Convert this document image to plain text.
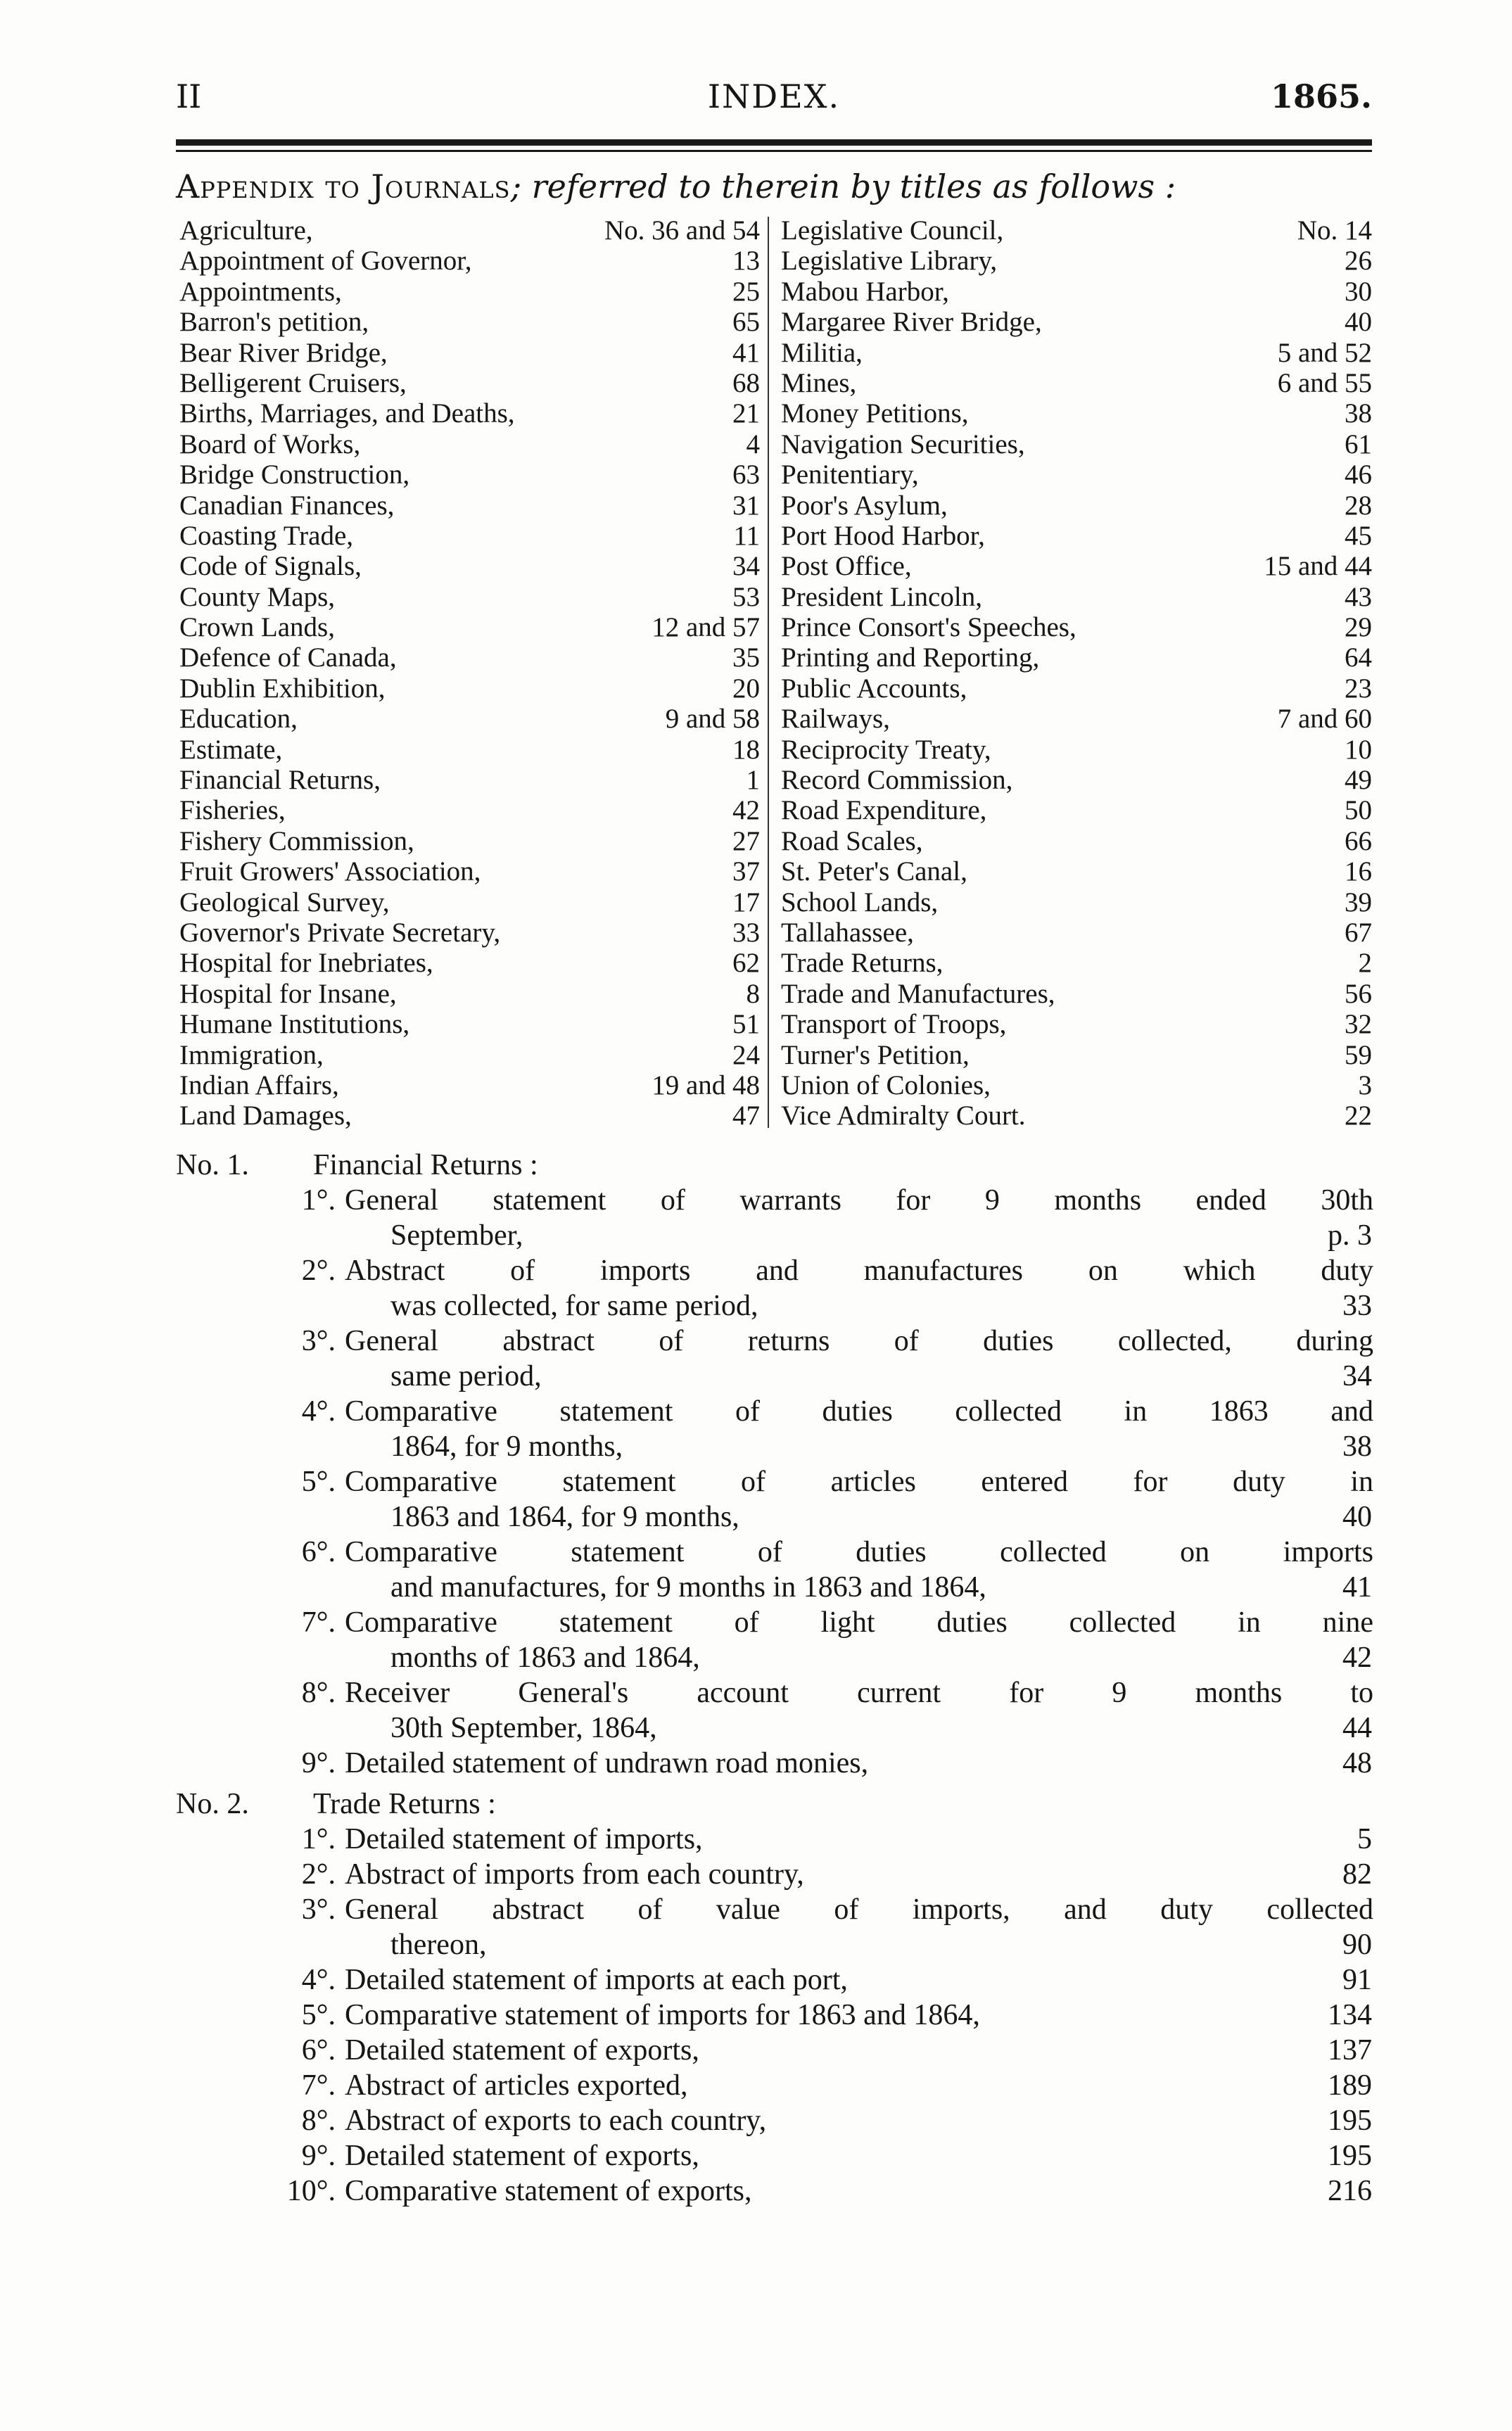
II	INDEX.	1865.
Appendix to Journals; referred to therein by titles as follows :
Agriculture,	No. 36 and 54
Appointment of Governor,	13
Appointments,	25
Barron's petition,	65
Bear River Bridge,	41
Belligerent Cruisers,	68
Births, Marriages, and Deaths,	21
Board of Works,	4
Bridge Construction,	63
Canadian Finances,	31
Coasting Trade,	11
Code of Signals,	34
County Maps,	53
Crown Lands,	12 and 57
Defence of Canada,	35
Dublin Exhibition,	20
Education,	9 and 58
Estimate,	18
Financial Returns,	1
Fisheries,	42
Fishery Commission,	27
Fruit Growers' Association,	37
Geological Survey,	17
Governor's Private Secretary,	33
Hospital for Inebriates,	62
Hospital for Insane,	8
Humane Institutions,	51
Immigration,	24
Indian Affairs,	19 and 48
Land Damages,	47
Legislative Council,	No. 14
Legislative Library,	26
Mabou Harbor,	30
Margaree River Bridge,	40
Militia,	5 and 52
Mines,	6 and 55
Money Petitions,	38
Navigation Securities,	61
Penitentiary,	46
Poor's Asylum,	28
Port Hood Harbor,	45
Post Office,	15 and 44
President Lincoln,	43
Prince Consort's Speeches,	29
Printing and Reporting,	64
Public Accounts,	23
Railways,	7 and 60
Reciprocity Treaty,	10
Record Commission,	49
Road Expenditure,	50
Road Scales,	66
St. Peter's Canal,	16
School Lands,	39
Tallahassee,	67
Trade Returns,	2
Trade and Manufactures,	56
Transport of Troops,	32
Turner's Petition,	59
Union of Colonies,	3
Vice Admiralty Court.	22
No. 1. Financial Returns :
1°. General statement of warrants for 9 months ended 30th
September,	p. 3
2°. Abstract of imports and manufactures on which duty
was collected, for same period,	33
3°. General abstract of returns of duties collected, during
same period,	34
4°. Comparative statement of duties collected in 1863 and
1864, for 9 months,	38
5°. Comparative statement of articles entered for duty in
1863 and 1864, for 9 months,	40
6°. Comparative statement of duties collected on imports
and manufactures, for 9 months in 1863 and 1864,	41
7°. Comparative statement of light duties collected in nine
months of 1863 and 1864,	42
8°. Receiver General's account current for 9 months to
30th September, 1864,	44
9°. Detailed statement of undrawn road monies,	48
No. 2. Trade Returns :
1°. Detailed statement of imports,	5
2°. Abstract of imports from each country,	82
3°. General abstract of value of imports, and duty collected
thereon,	90
4°. Detailed statement of imports at each port,	91
5°. Comparative statement of imports for 1863 and 1864,	134
6°. Detailed statement of exports,	137
7°. Abstract of articles exported,	189
8°. Abstract of exports to each country,	195
9°. Detailed statement of exports,	195
10°. Comparative statement of exports,	216
